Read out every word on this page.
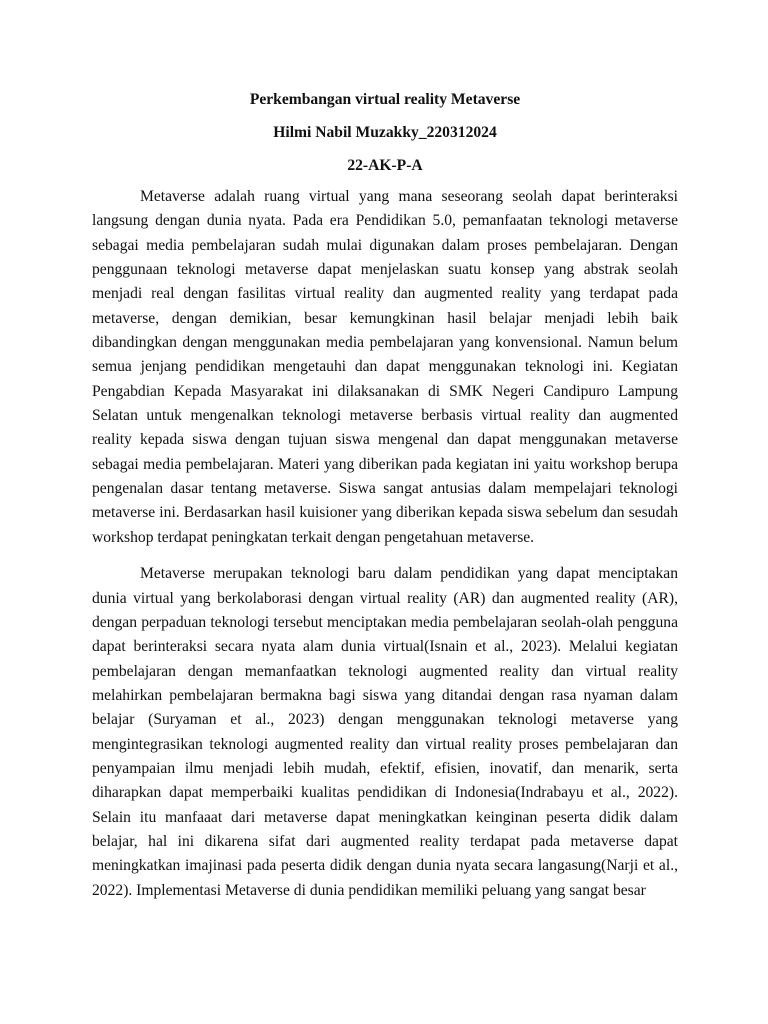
Perkembangan virtual reality Metaverse

Hilmi Nabil Muzakky_220312024

22-AK-P-A

Metaverse adalah ruang virtual yang mana seseorang seolah dapat berinteraksi langsung dengan dunia nyata. Pada era Pendidikan 5.0, pemanfaatan teknologi metaverse sebagai media pembelajaran sudah mulai digunakan dalam proses pembelajaran. Dengan penggunaan teknologi metaverse dapat menjelaskan suatu konsep yang abstrak seolah menjadi real dengan fasilitas virtual reality dan augmented reality yang terdapat pada metaverse, dengan demikian, besar kemungkinan hasil belajar menjadi lebih baik dibandingkan dengan menggunakan media pembelajaran yang konvensional. Namun belum semua jenjang pendidikan mengetauhi dan dapat menggunakan teknologi ini. Kegiatan Pengabdian Kepada Masyarakat ini dilaksanakan di SMK Negeri Candipuro Lampung Selatan untuk mengenalkan teknologi metaverse berbasis virtual reality dan augmented reality kepada siswa dengan tujuan siswa mengenal dan dapat menggunakan metaverse sebagai media pembelajaran. Materi yang diberikan pada kegiatan ini yaitu workshop berupa pengenalan dasar tentang metaverse. Siswa sangat antusias dalam mempelajari teknologi metaverse ini. Berdasarkan hasil kuisioner yang diberikan kepada siswa sebelum dan sesudah workshop terdapat peningkatan terkait dengan pengetahuan metaverse.

Metaverse merupakan teknologi baru dalam pendidikan yang dapat menciptakan dunia virtual yang berkolaborasi dengan virtual reality (AR) dan augmented reality (AR), dengan perpaduan teknologi tersebut menciptakan media pembelajaran seolah-olah pengguna dapat berinteraksi secara nyata alam dunia virtual(Isnain et al., 2023). Melalui kegiatan pembelajaran dengan memanfaatkan teknologi augmented reality dan virtual reality melahirkan pembelajaran bermakna bagi siswa yang ditandai dengan rasa nyaman dalam belajar (Suryaman et al., 2023) dengan menggunakan teknologi metaverse yang mengintegrasikan teknologi augmented reality dan virtual reality proses pembelajaran dan penyampaian ilmu menjadi lebih mudah, efektif, efisien, inovatif, dan menarik, serta diharapkan dapat memperbaiki kualitas pendidikan di Indonesia(Indrabayu et al., 2022). Selain itu manfaaat dari metaverse dapat meningkatkan keinginan peserta didik dalam belajar, hal ini dikarena sifat dari augmented reality terdapat pada metaverse dapat meningkatkan imajinasi pada peserta didik dengan dunia nyata secara langasung(Narji et al., 2022). Implementasi Metaverse di dunia pendidikan memiliki peluang yang sangat besar
